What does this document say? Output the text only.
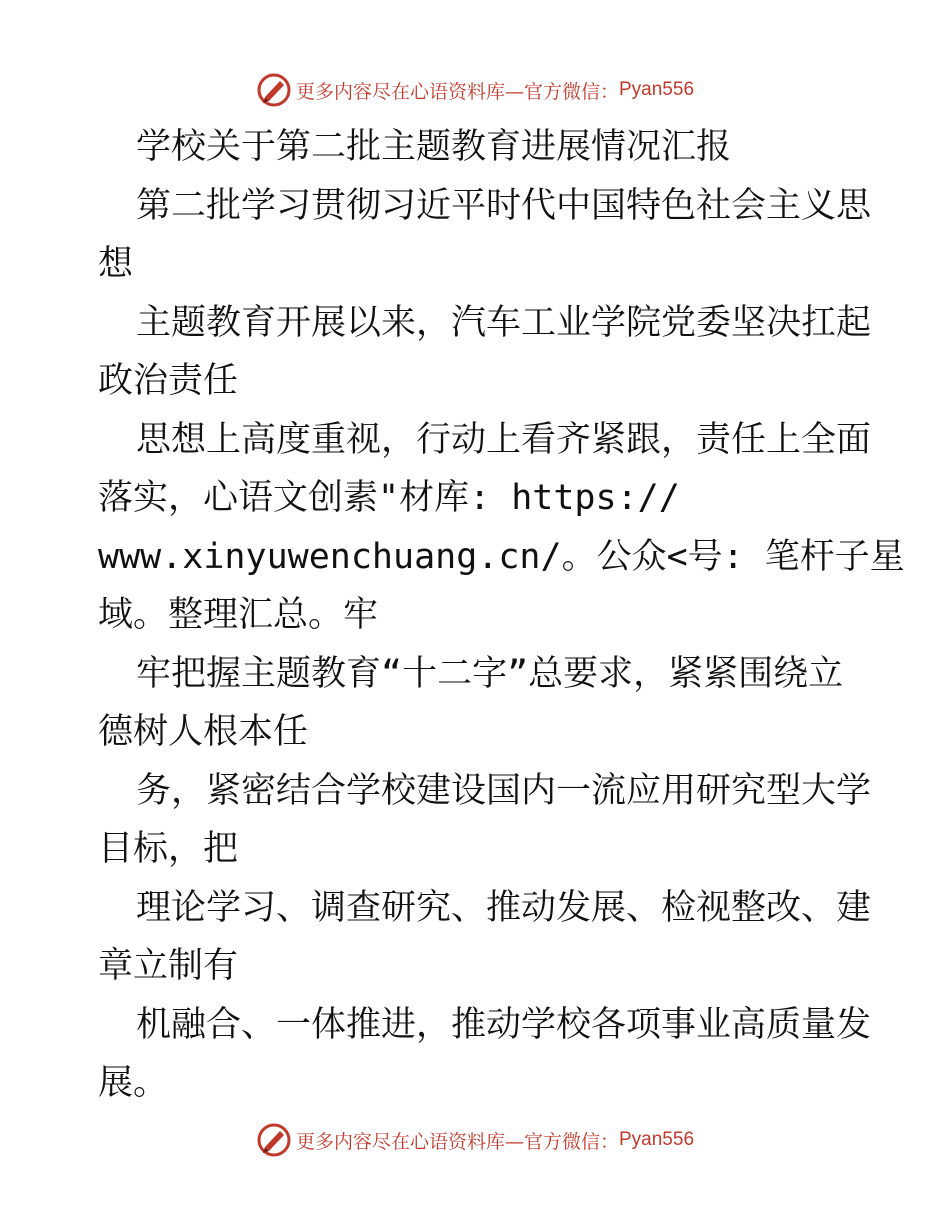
更多内容尽在心语资料库—官方微信： Pyan556
学校关于第二批主题教育进展情况汇报
第二批学习贯彻习近平时代中国特色社会主义思
想
主题教育开展以来，汽车工业学院党委坚决扛起
政治责任
思想上高度重视，行动上看齐紧跟，责任上全面
落实，心语文创素"材库: https://
www.xinyuwenchuang.cn/。公众<号: 笔杆子星
域。整理汇总。牢
牢把握主题教育“十二字”总要求，紧紧围绕立
德树人根本任
务，紧密结合学校建设国内一流应用研究型大学
目标，把
理论学习、调查研究、推动发展、检视整改、建
章立制有
机融合、一体推进，推动学校各项事业高质量发
展。
更多内容尽在心语资料库—官方微信： Pyan556
